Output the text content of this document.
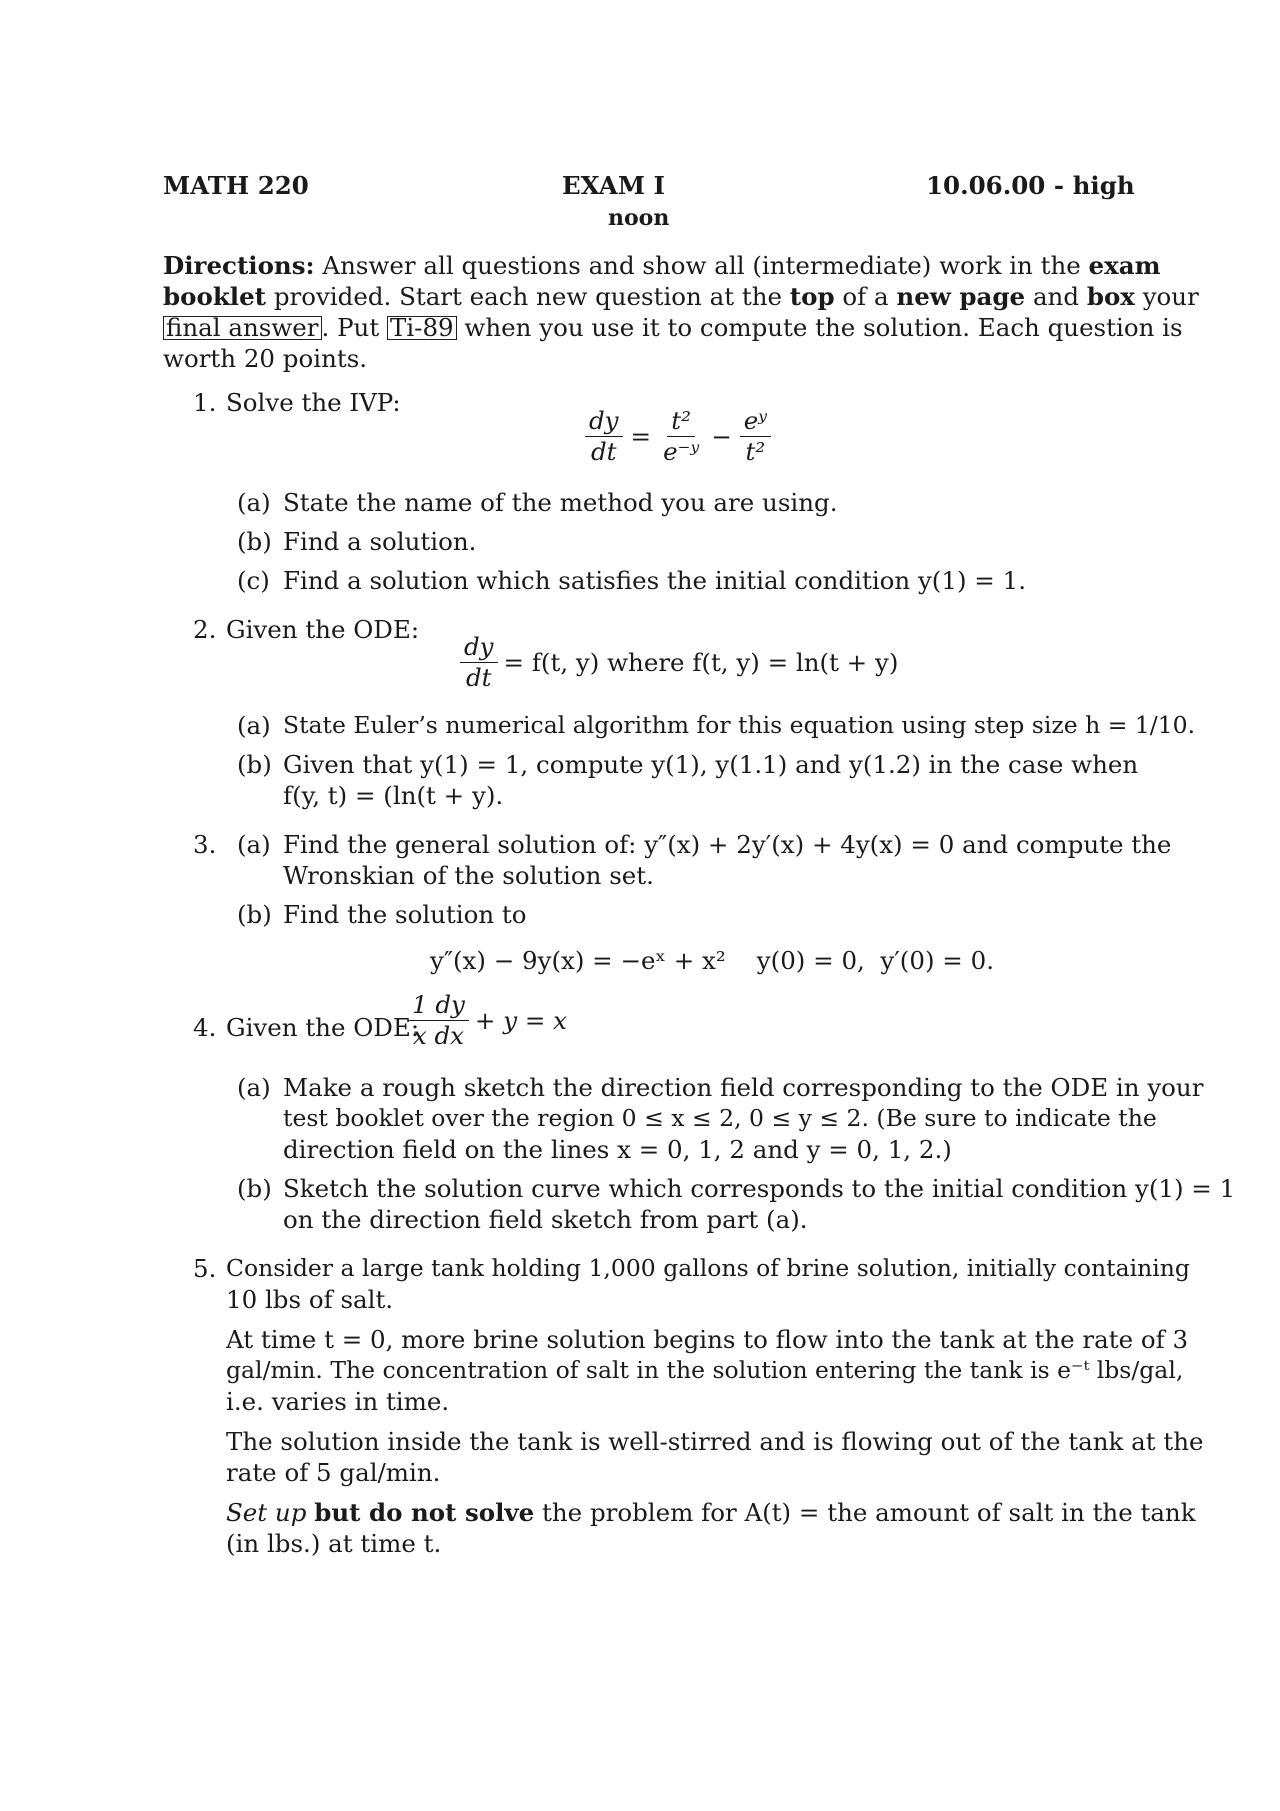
MATH 220	EXAM I
noon
10.06.00 - high
Directions: Answer all questions and show all (intermediate) work in the exam
booklet provided. Start each new question at the top of a new page and box your
final answer . Put Ti-89 when you use it to compute the solution. Each question is
worth 20 points.
1. Solve the IVP:
$\frac{dy}{dt} = \frac{\text{t²}}{\text{e⁻ʸ}} - \frac{\text{eʸ}}{\text{t²}}$
(a) State the name of the method you are using.
(b) Find a solution.
(c) Find a solution which satisfies the initial condition y(1) = 1.
2. Given the ODE:
$\frac{dy}{dt} = f(t$, y) where f(t, y) = ln(t + y)
(a) State Euler’s numerical algorithm for this equation using step size h = 1/10.
(b) Given that y(1) = 1, compute y(1), y(1.1) and y(1.2) in the case when
f(y, t) = (ln(t + y).
3. (a) Find the general solution of: y″(x) + 2y′(x) + 4y(x) = 0 and compute the
Wronskian of the solution set.
(b) Find the solution to
y″(x) − 9y(x) = −eˣ + x²    y(0) = 0,  y′(0) = 0.
4. Given the ODE:
$\frac{1 dy}{\text{x dx}} + y = x$
(a) Make a rough sketch the direction field corresponding to the ODE in your
test booklet over the region 0 ≤ x ≤ 2, 0 ≤ y ≤ 2. (Be sure to indicate the
direction field on the lines x = 0, 1, 2 and y = 0, 1, 2.)
(b) Sketch the solution curve which corresponds to the initial condition y(1) = 1
on the direction field sketch from part (a).
5. Consider a large tank holding 1,000 gallons of brine solution, initially containing
10 lbs of salt.
At time t = 0, more brine solution begins to flow into the tank at the rate of 3
gal/min. The concentration of salt in the solution entering the tank is e⁻ᵗ lbs/gal,
i.e. varies in time.
The solution inside the tank is well-stirred and is flowing out of the tank at the
rate of 5 gal/min.
Set up but do not solve the problem for A(t) = the amount of salt in the tank
(in lbs.) at time t.
